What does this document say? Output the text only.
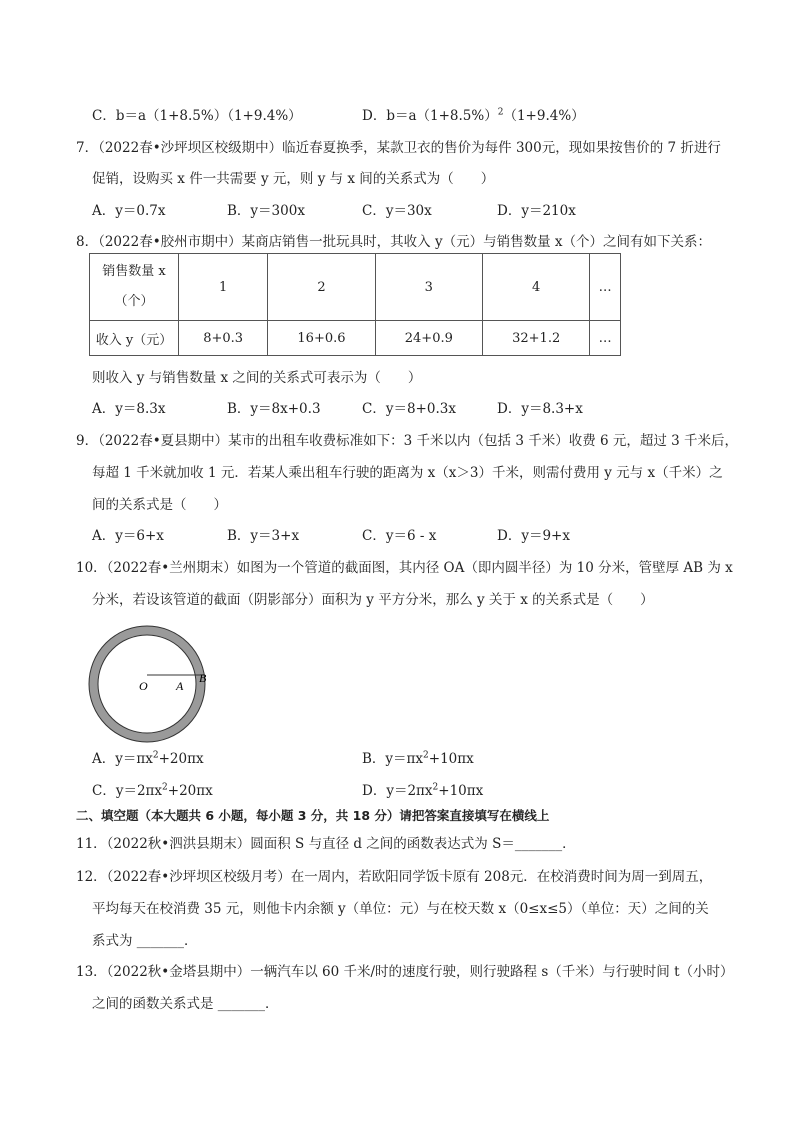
C．b＝a（1+8.5%）（1+9.4%）	D．$b=a(1+8.5\%)^2(1+9.4\%)$
7．（2022春•沙坪坝区校级期中）临近春夏换季，某款卫衣的售价为每件 300元，现如果按售价的 7 折进行
促销，设购买 x 件一共需要 y 元，则 y 与 x 间的关系式为（　　）
A．y＝0.7x	B．y＝300x	C．y＝30x	D．y＝210x
8．（2022春•胶州市期中）某商店销售一批玩具时，其收入 y（元）与销售数量 x（个）之间有如下关系：
销售数量 x
（个）	1	2	3	4	…
收入 y（元）	8+0.3	16+0.6	24+0.9	32+1.2	…
则收入 y 与销售数量 x 之间的关系式可表示为（　　）
A．y＝8.3x	B．y＝8x+0.3	C．y＝8+0.3x	D．y＝8.3+x
9．（2022春•夏县期中）某市的出租车收费标准如下：3 千米以内（包括 3 千米）收费 6 元，超过 3 千米后，
每超 1 千米就加收 1 元．若某人乘出租车行驶的距离为 x（x＞3）千米，则需付费用 y 元与 x（千米）之
间的关系式是（　　）
A．y＝6+x	B．y＝3+x	C．y＝6 - x	D．y＝9+x
10．（2022春•兰州期末）如图为一个管道的截面图，其内径 OA（即内圆半径）为 10 分米，管壁厚 AB 为 x
分米，若设该管道的截面（阴影部分）面积为 y 平方分米，那么 y 关于 x 的关系式是（　　）
O A
B
A．$y=\pi x^2+20\pi x$	B．$y=\pi x^2+10\pi x$
C．$y=2\pi x^2+20\pi x$	D．$y=2\pi x^2+10\pi x$
二、填空题（本大题共 6 小题，每小题 3 分，共 18 分）请把答案直接填写在横线上
11．（2022秋•泗洪县期末）圆面积 S 与直径 d 之间的函数表达式为 S＝_______．
12．（2022春•沙坪坝区校级月考）在一周内，若欧阳同学饭卡原有 208元．在校消费时间为周一到周五，
平均每天在校消费 35 元，则他卡内余额 y（单位：元）与在校天数 x（0≤x≤5）（单位：天）之间的关
系式为 _______．
13．（2022秋•金塔县期中）一辆汽车以 60 千米/时的速度行驶，则行驶路程 s（千米）与行驶时间 t（小时）
之间的函数关系式是 _______．
